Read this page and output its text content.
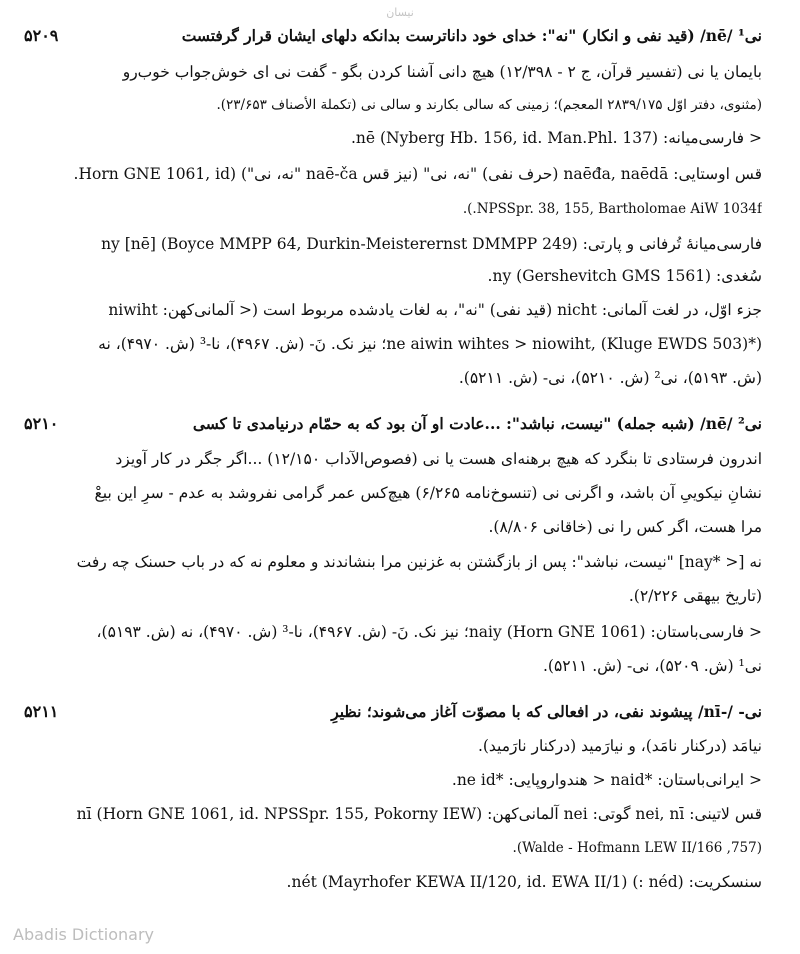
نیسان
۵۲۰۹	نی¹ /nē/ (قید نفی و انکار) "نه": خدای خود داناترست بدانکه دلهای ایشان قرار گرفتست
بایمان یا نی (تفسیر قرآن، ج ۲ - ۱۲/۳۹۸) هیچ دانی آشنا کردن بگو - گفت نی ای خوش‌جواب خوب‌رو
(مثنوی، دفتر اوّل ۲۸۳۹/۱۷۵ المعجم)؛ زمینی که سالی بکارند و سالی نی (تکملة الأصناف ۲۳/۶۵۳).
< فارسی‌میانه: nē (Nyberg Hb. 156, id. Man.Phl. 137).
قس اوستایی: naēđa, naēdā (حرف نفی) "نه، نی" (نیز قس naē-ča "نه، نی") (Horn GNE 1061, id.
NPSSpr. 38, 155, Bartholomae AiW 1034f.).
فارسی‌میانهٔ تُرفانی و پارتی: ny [nē] (Boyce MMPP 64, Durkin-Meisterernst DMMPP 249)
سُغدی: ny (Gershevitch GMS 1561).
جزء اوّل، در لغت آلمانی: nicht (قید نفی) "نه"، به لغات یادشده مربوط است (< آلمانی‌کهن: niwiht
(*ne aiwin wihtes > niowiht, (Kluge EWDS 503)؛ نیز نک. نَ- (ش. ۴۹۶۷)، نا-³ (ش. ۴۹۷۰)، نه
(ش. ۵۱۹۳)، نی² (ش. ۵۲۱۰)، نی- (ش. ۵۲۱۱).
۵۲۱۰	نی² /nē/ (شبه جمله) "نیست، نباشد": ...عادت او آن بود که به حمّام درنیامدی تا کسی
اندرون فرستادی تا بنگرد که هیچ برهنه‌ای هست یا نی (فصوص‌الآداب ۱۲/۱۵۰) ...اگر جگر در کار آویزد
نشانِ نیکوییِ آن باشد، و اگرنی نی (تنسوخ‌نامه ۶/۲۶۵) هیچ‌کس عمر گرامی نفروشد به عدم - سرِ این بیعْ
مرا هست، اگر کس را نی (خاقانی ۸/۸۰۶).
نه [< *nay] "نیست، نباشد": پس از بازگشتن به غزنین مرا بنشاندند و معلوم نه که در باب حسنک چه رفت
(تاریخ بیهقی ۲/۲۲۶).
< فارسی‌باستان: naiy (Horn GNE 1061)؛ نیز نک. نَ- (ش. ۴۹۶۷)، نا-³ (ش. ۴۹۷۰)، نه (ش. ۵۱۹۳)،
نی¹ (ش. ۵۲۰۹)، نی- (ش. ۵۲۱۱).
۵۲۱۱	نی- /-nī/ پیشوند نفی، در افعالی که با مصوّت آغاز می‌شوند؛ نظیرِ
نیامَد (درکنار نامَد)، و نیارَمید (درکنار نارَمید).
< ایرانی‌باستان: *naid < هندواروپایی: *ne id.
قس لاتینی: nei, nī گوتی: nei آلمانی‌کهن: nī (Horn GNE 1061, id. NPSSpr. 155, Pokorny IEW)
(757, Walde - Hofmann LEW II/166).
سنسکریت: (néd :) nét (Mayrhofer KEWA II/120, id. EWA II/1).
Abadis Dictionary
